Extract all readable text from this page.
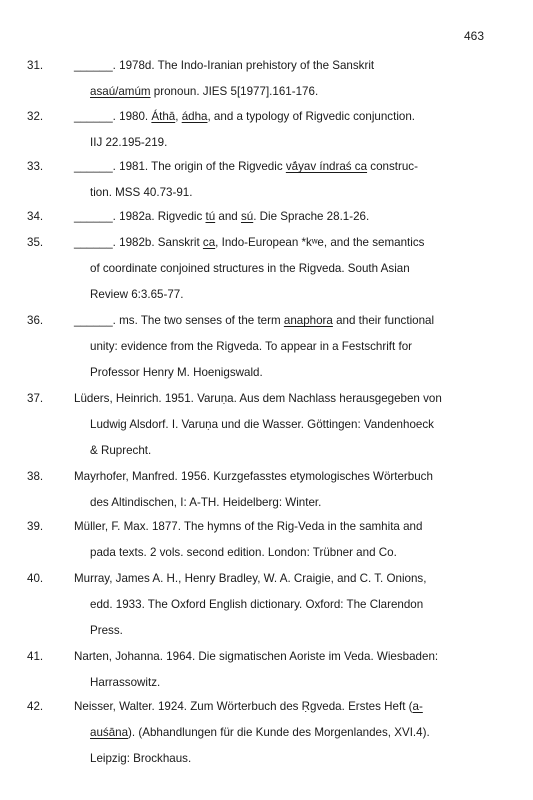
463
31.	______. 1978d. The Indo-Iranian prehistory of the Sanskrit
asaú/amúm pronoun. JIES 5[1977].161-176.
32.	______. 1980. Áthā, ádha, and a typology of Rigvedic conjunction.
IIJ 22.195-219.
33.	______. 1981. The origin of the Rigvedic vā́yav índraś ca construc-
tion. MSS 40.73-91.
34.	______. 1982a. Rigvedic tú and sú. Die Sprache 28.1-26.
35.	______. 1982b. Sanskrit ca, Indo-European *kʷe, and the semantics
of coordinate conjoined structures in the Rigveda. South Asian
Review 6:3.65-77.
36.	______. ms. The two senses of the term anaphora and their functional
unity: evidence from the Rigveda. To appear in a Festschrift for
Professor Henry M. Hoenigswald.
37.	Lüders, Heinrich. 1951. Varuṇa. Aus dem Nachlass herausgegeben von
Ludwig Alsdorf. I. Varuṇa und die Wasser. Göttingen: Vandenhoeck
& Ruprecht.
38.	Mayrhofer, Manfred. 1956. Kurzgefasstes etymologisches Wörterbuch
des Altindischen, I: A-TH. Heidelberg: Winter.
39.	Müller, F. Max. 1877. The hymns of the Rig-Veda in the samhita and
pada texts. 2 vols. second edition. London: Trübner and Co.
40.	Murray, James A. H., Henry Bradley, W. A. Craigie, and C. T. Onions,
edd. 1933. The Oxford English dictionary. Oxford: The Clarendon
Press.
41.	Narten, Johanna. 1964. Die sigmatischen Aoriste im Veda. Wiesbaden:
Harrassowitz.
42.	Neisser, Walter. 1924. Zum Wörterbuch des Ṛgveda. Erstes Heft (a-
auśāna). (Abhandlungen für die Kunde des Morgenlandes, XVI.4).
Leipzig: Brockhaus.
